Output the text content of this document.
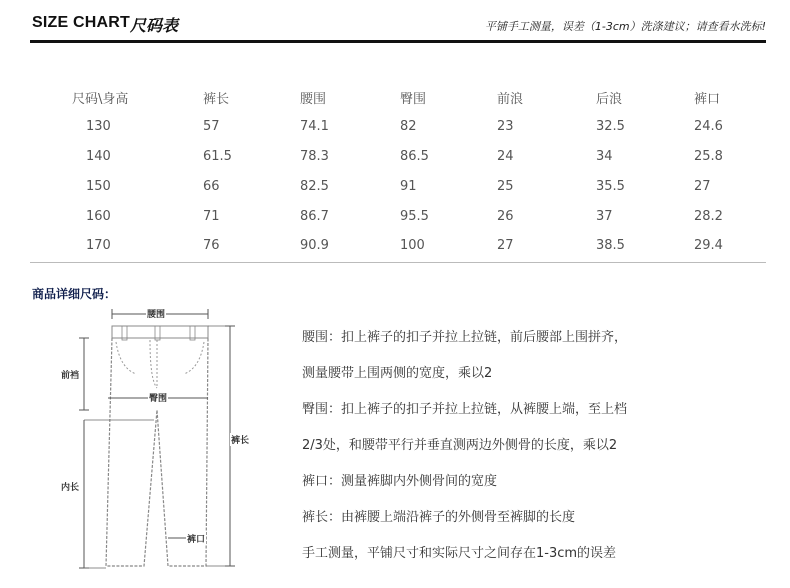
SIZE CHART 尺码表	平铺手工测量，误差（1-3cm）洗涤建议；请查看水洗标!
尺码\身高	裤长	腰围	臀围	前浪	后浪	裤口
130	57	74.1	82	23	32.5	24.6
140	61.5	78.3	86.5	24	34	25.8
150	66	82.5	91	25	35.5	27
160	71	86.7	95.5	26	37	28.2
170	76	90.9	100	27	38.5	29.4
商品详细尺码：
腰围
前裆
臀围
裤长
内长
裤口
腰围：扣上裤子的扣子并拉上拉链，前后腰部上围拼齐，
测量腰带上围两侧的宽度，乘以2
臀围：扣上裤子的扣子并拉上拉链，从裤腰上端，至上档
2/3处，和腰带平行并垂直测两边外侧骨的长度，乘以2
裤口：测量裤脚内外侧骨间的宽度
裤长：由裤腰上端沿裤子的外侧骨至裤脚的长度
手工测量，平铺尺寸和实际尺寸之间存在1-3cm的误差
